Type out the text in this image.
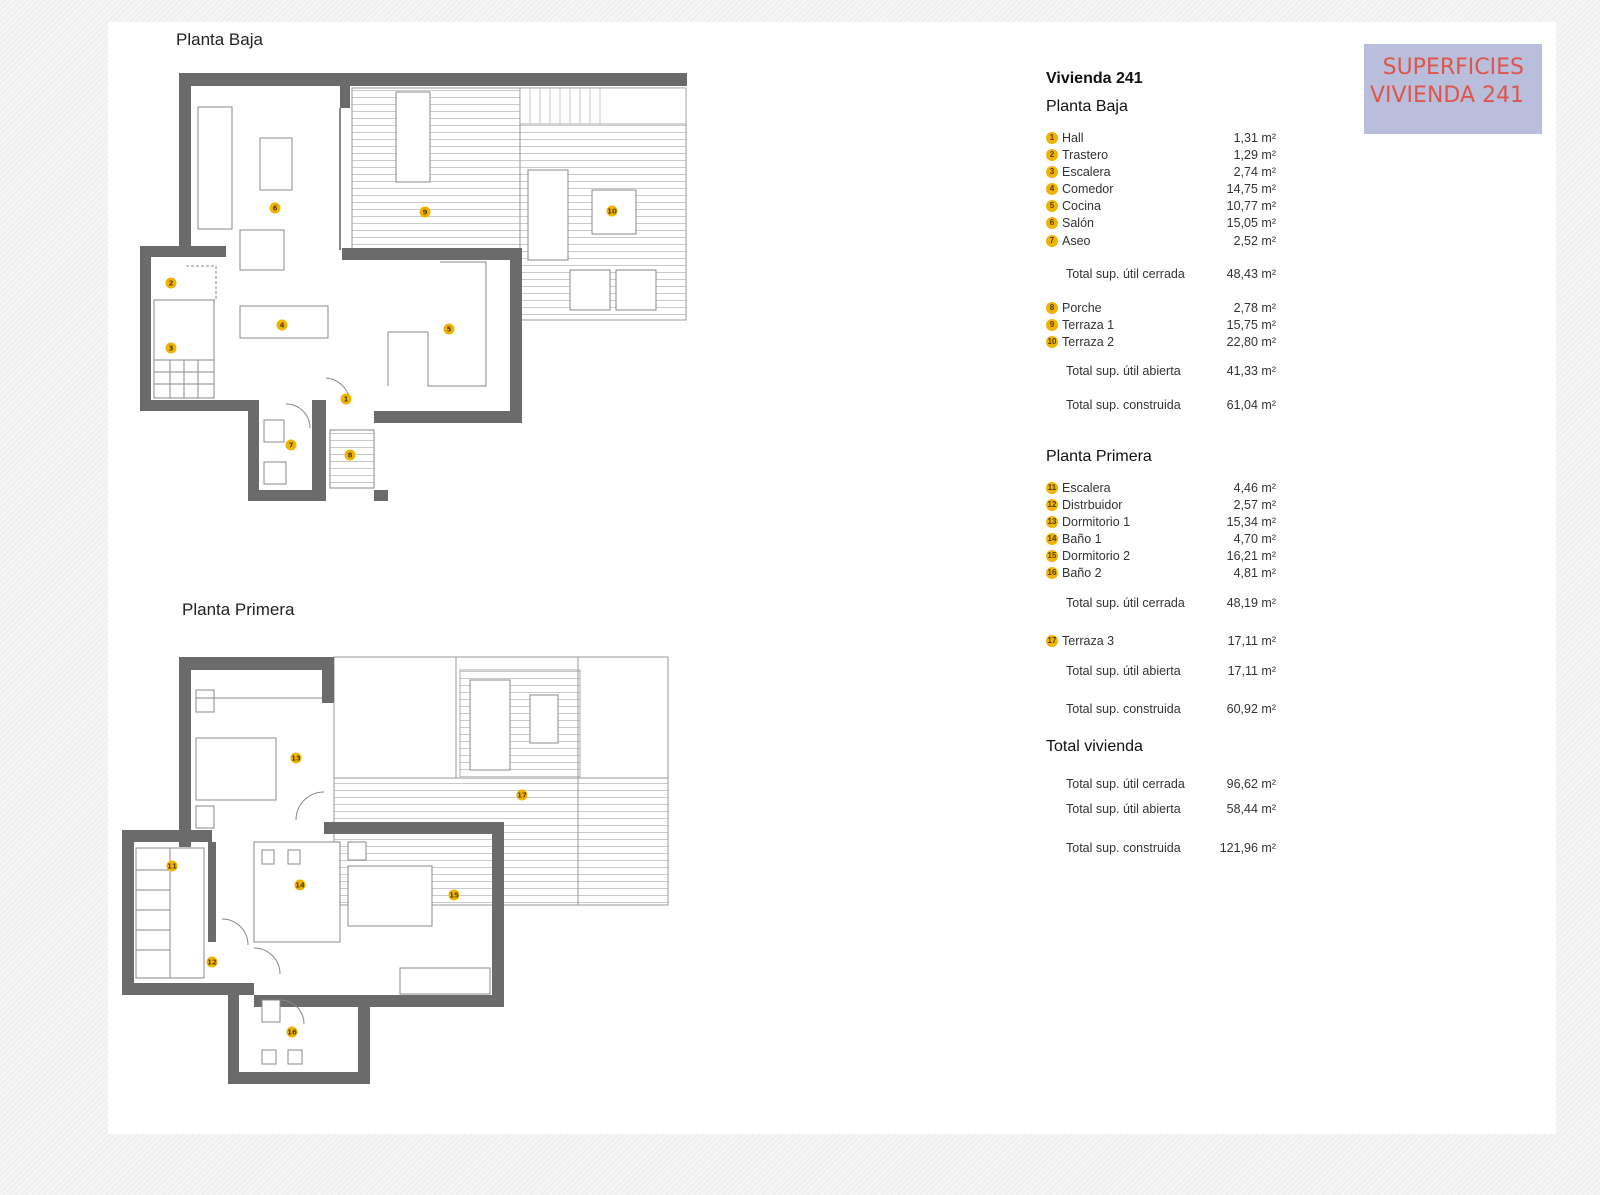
SUPERFICIES
VIVIENDA 241
Planta Baja
Planta Primera
1
2
3
4	5
6
7
8
9	10
11
12
13
14
15
16
17
Vivienda 241
Planta Baja
1 Hall	1,31 m²
2 Trastero	1,29 m²
3 Escalera	2,74 m²
4 Comedor	14,75 m²
5 Cocina	10,77 m²
6 Salón	15,05 m²
7 Aseo	2,52 m²
Total sup. útil cerrada	48,43 m²
8 Porche	2,78 m²
9 Terraza 1	15,75 m²
10 Terraza 2	22,80 m²
Total sup. útil abierta	41,33 m²
Total sup. construida	61,04 m²
Planta Primera
11 Escalera	4,46 m²
12 Distrbuidor	2,57 m²
13 Dormitorio 1	15,34 m²
14 Baño 1	4,70 m²
15 Dormitorio 2	16,21 m²
16 Baño 2	4,81 m²
Total sup. útil cerrada	48,19 m²
17 Terraza 3	17,11 m²
Total sup. útil abierta	17,11 m²
Total sup. construida	60,92 m²
Total vivienda
Total sup. útil cerrada	96,62 m²
Total sup. útil abierta	58,44 m²
Total sup. construida	121,96 m²
